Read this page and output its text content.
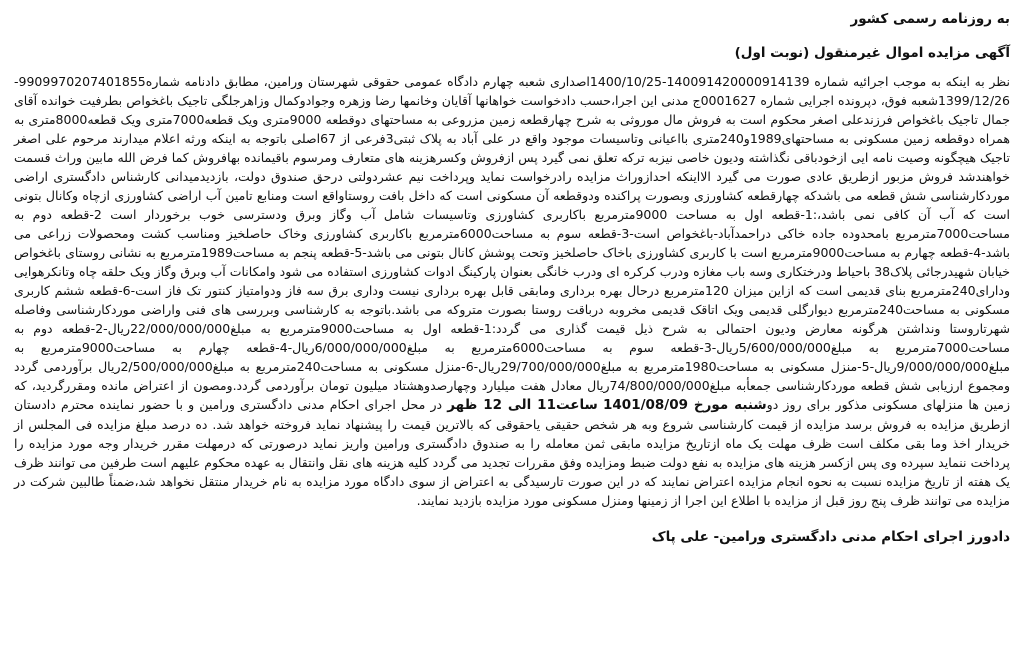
به روزنامه رسمی کشور

آگهی مزایده اموال غیرمنقول (نوبت اول)

نظر به اینکه به موجب اجرائیه شماره 140091420000914139-1400/10/25اصداری شعبه چهارم دادگاه عمومی حقوقی شهرستان ورامین، مطابق دادنامه شماره9909970207401855-1399/12/26شعبه فوق، دپرونده اجرایی شماره 0001627ج مدنی این اجرا،حسب دادخواست خواهانها آقایان وخانمها رضا وزهره وجوادوکمال وزاهرجلگی تاجیک باغخواص بطرفیت خوانده آقای جمال تاجیک باغخواص فرزندعلی اصغر محکوم است به فروش مال موروثی به شرح چهارقطعه زمین مزروعی به مساحتهای دوقطعه 9000متری ویک قطعه7000متری ویک قطعه8000متری به همراه دوقطعه زمین مسکونی به مساحتهای1989و240متری بااعیانی وتاسیسات موجود واقع در علی آباد به پلاک ثبتی3فرعی از 67اصلی باتوجه به اینکه ورثه اعلام میدارند مرحوم علی اصغر تاجیک هیچگونه وصیت نامه ایی ازخودباقی نگذاشته ودیون خاصی نیزبه ترکه تعلق نمی گیرد پس ازفروش وکسرهزینه های متعارف ومرسوم باقیمانده بهافروش کما فرض الله مابین وراث قسمت خواهندشد فروش مزبور ازطریق عادی صورت می گیرد الااینکه احدازوراث مزایده رادرخواست نماید وپرداخت نیم عشردولتی درحق صندوق دولت، بازدیدمیدانی کارشناس دادگستری اراضی موردکارشناسی شش قطعه می باشدکه چهارقطعه کشاورزی وبصورت پراکنده ودوقطعه آن مسکونی است که داخل بافت روستاواقع است ومنابع تامین آب اراضی کشاورزی ازچاه وکانال بتونی است که آب آن کافی نمی باشد،:1-قطعه اول به مساحت 9000مترمربع باکاربری کشاورزی وتاسیسات شامل آب وگاز وبرق ودسترسی خوب برخوردار است 2-قطعه دوم به مساحت7000مترمربع بامحدوده جاده خاکی دراحمدآباد-باغخواص است-3-قطعه سوم به مساحت6000مترمربع باکاربری کشاورزی وخاک حاصلخیز ومناسب کشت ومحصولات زراعی می باشد-4-قطعه چهارم به مساحت9000مترمربع است با کاربری کشاورزی باخاک حاصلخیز وتحت پوشش کانال بتونی می باشد-5-قطعه پنجم به مساحت1989مترمربع به نشانی روستای باغخواص خیابان شهیدرجائی پلاک38 باحیاط ودرختکاری وسه باب مغازه ودرب کرکره ای ودرب خانگی بعنوان پارکینگ ادوات کشاورزی استفاده می شود وامکانات آب وبرق وگاز ویک حلقه چاه وتانکرهوایی ودارای240مترمربع بنای قدیمی است که ازاین میزان 120مترمربع درحال بهره برداری ومابقی قابل بهره برداری نیست وداری برق سه فاز ودوامتیاز کنتور تک فاز است-6-قطعه ششم کاربری مسکونی به مساحت240مترمربع دیوارگلی قدیمی ویک اتاقک قدیمی مخروبه درباقت روستا بصورت متروکه می باشد.باتوجه به کارشناسی وبررسی های فنی واراضی موردکارشناسی وفاصله شهرتاروستا ونداشتن هرگونه معارض ودیون احتمالی به شرح ذیل قیمت گذاری می گردد:1-قطعه اول به مساحت9000مترمربع به مبلغ22/000/000/000ریال-2-قطعه دوم به مساحت7000مترمربع به مبلغ5/600/000/000ریال-3-قطعه سوم به مساحت6000مترمربع به مبلغ6/000/000/000ریال-4-قطعه چهارم به مساحت9000مترمربع به مبلغ9/000/000/000ریال-5-منزل مسکونی به مساحت1980مترمربع به مبلغ29/700/000/000ریال-6-منزل مسکونی به مساحت240مترمربع به مبلغ2/500/000/000ریال برآوردمی گردد ومجموع ارزیابی شش قطعه موردکارشناسی جمعأبه مبلغ74/800/000/000ریال معادل هفت میلیارد وچهارصدوهشتاد میلیون تومان برآوردمی گردد.ومصون از اعتراض مانده ومقررگردید، که زمین ها منزلهای مسکونی مذکور برای روز دوشنبه مورخ 1401/08/09 ساعت11 الی 12 ظهر در محل اجرای احکام مدنی دادگستری ورامین و با حضور نماینده محترم دادستان ازطریق مزایده به فروش برسد مزایده از قیمت کارشناسی شروع وبه هر شخص حقیقی یاحقوقی که بالاترین قیمت را پیشنهاد نماید فروخته خواهد شد. ده درصد مبلغ مزایده فی المجلس از خریدار اخذ وما بقی مکلف است ظرف مهلت یک ماه ازتاریخ مزایده مابقی ثمن معامله را به صندوق دادگستری ورامین واریز نماید درصورتی که درمهلت مقرر خریدار وجه مورد مزایده را پرداخت ننماید سپرده وی پس ازکسر هزینه های مزایده به نفع دولت ضبط ومزایده وفق مقررات تجدید می گردد کلیه هزینه های نقل وانتقال به عهده محکوم علیهم است طرفین می توانند ظرف یک هفته از تاریخ مزایده نسبت به نحوه انجام مزایده اعتراض نمایند که در این صورت تارسیدگی به اعتراض از سوی دادگاه مورد مزایده به نام خریدار منتقل نخواهد شد،ضمناً طالبین شرکت در مزایده می توانند ظرف پنج روز قبل از مزایده با اطلاع این اجرا از زمینها ومنزل مسکونی مورد مزایده بازدید نمایند.

دادورز اجرای احکام مدنی دادگستری ورامین- علی پاک
